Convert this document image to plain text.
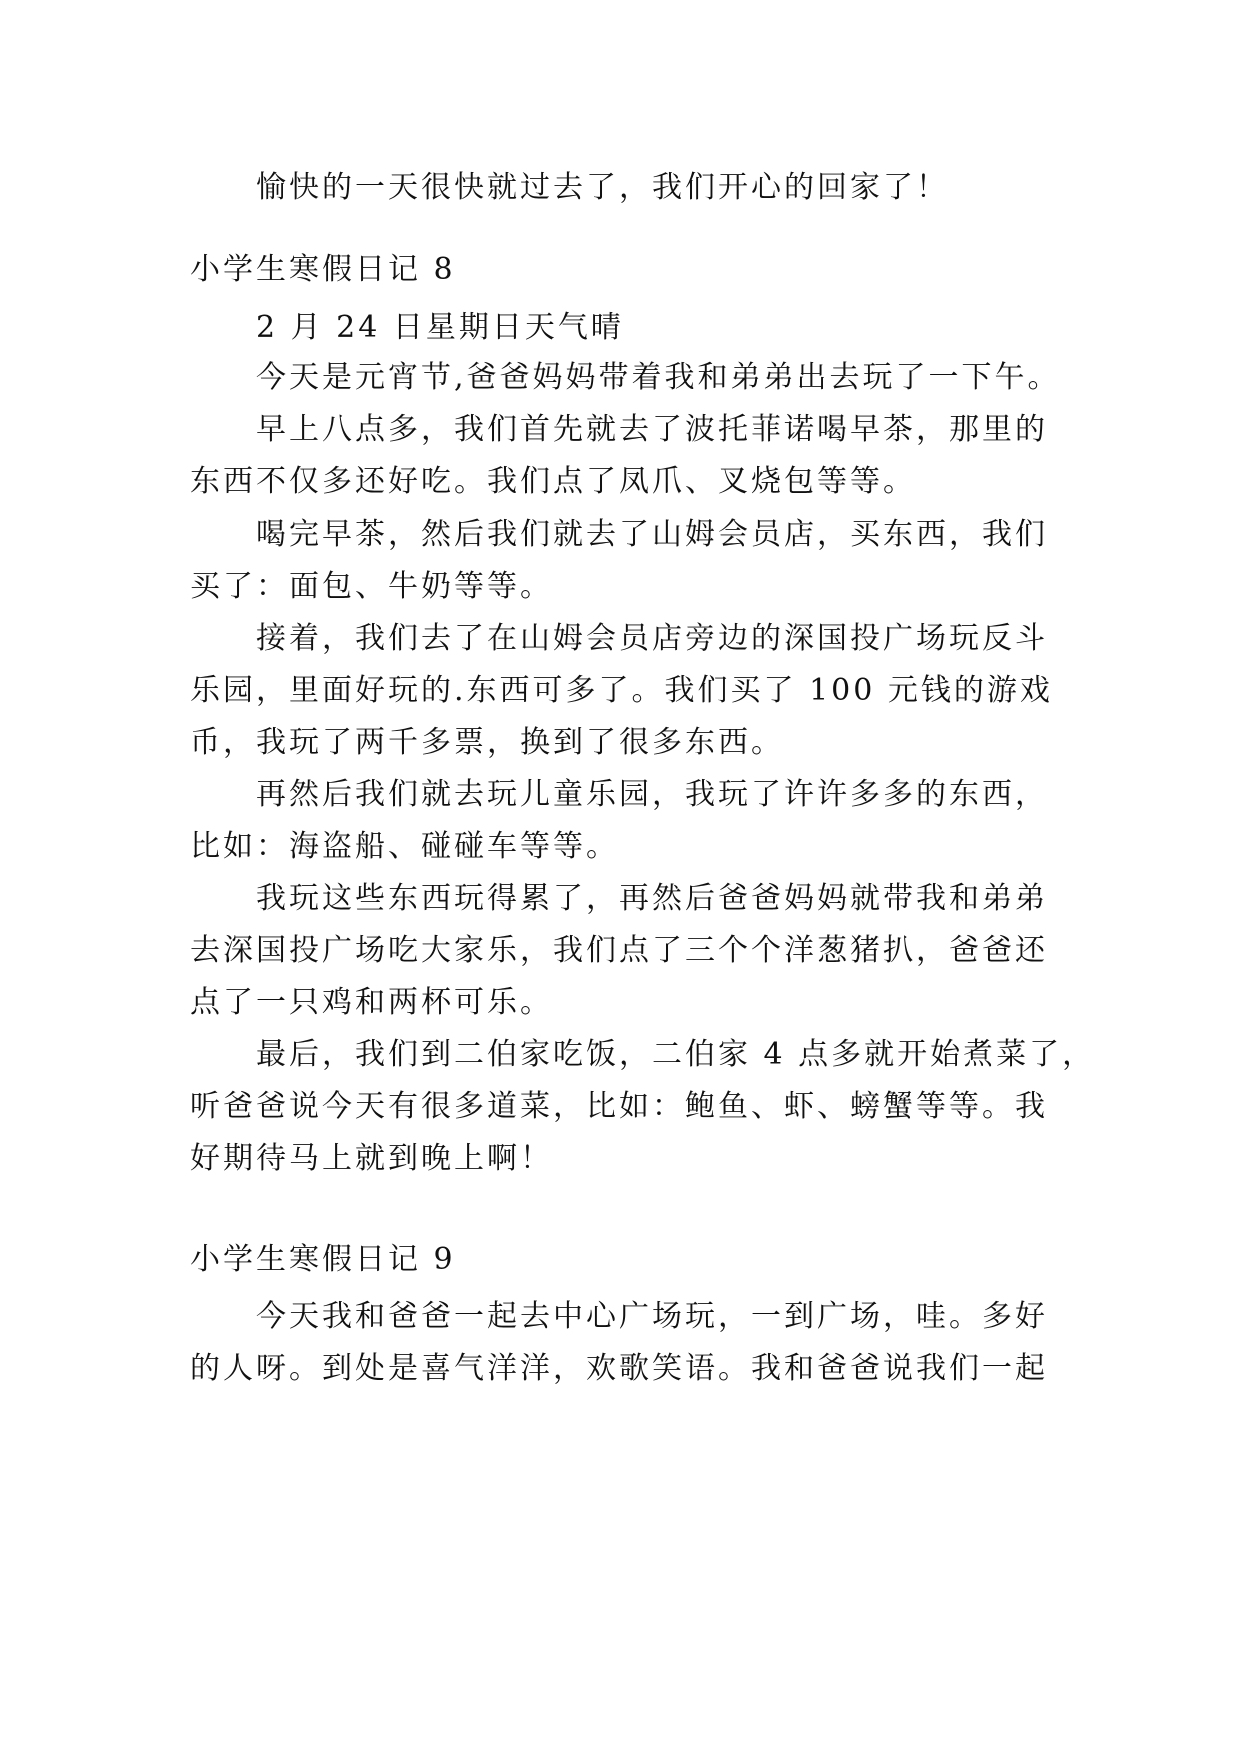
愉快的一天很快就过去了，我们开心的回家了！
小学生寒假日记 8
2 月 24 日星期日天气晴
今天是元宵节,爸爸妈妈带着我和弟弟出去玩了一下午。
早上八点多，我们首先就去了波托菲诺喝早茶，那里的
东西不仅多还好吃。我们点了凤爪、叉烧包等等。
喝完早茶，然后我们就去了山姆会员店，买东西，我们
买了：面包、牛奶等等。
接着，我们去了在山姆会员店旁边的深国投广场玩反斗
乐园，里面好玩的.东西可多了。我们买了 100 元钱的游戏
币，我玩了两千多票，换到了很多东西。
再然后我们就去玩儿童乐园，我玩了许许多多的东西，
比如：海盗船、碰碰车等等。
我玩这些东西玩得累了，再然后爸爸妈妈就带我和弟弟
去深国投广场吃大家乐，我们点了三个个洋葱猪扒，爸爸还
点了一只鸡和两杯可乐。
最后，我们到二伯家吃饭，二伯家 4 点多就开始煮菜了，
听爸爸说今天有很多道菜，比如：鲍鱼、虾、螃蟹等等。我
好期待马上就到晚上啊！
小学生寒假日记 9
今天我和爸爸一起去中心广场玩，一到广场，哇。多好
的人呀。到处是喜气洋洋，欢歌笑语。我和爸爸说我们一起
